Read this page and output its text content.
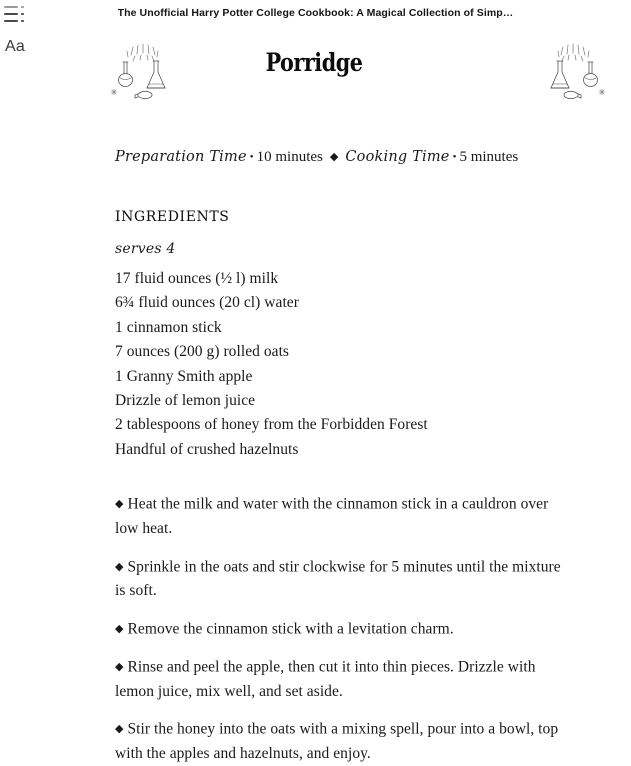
The Unofficial Harry Potter College Cookbook: A Magical Collection of Simp…
Aa
Porridge
Preparation Time • 10 minutes ◆ Cooking Time • 5 minutes
ingredients
serves 4
17 fluid ounces (½ l) milk
6¾ fluid ounces (20 cl) water
1 cinnamon stick
7 ounces (200 g) rolled oats
1 Granny Smith apple
Drizzle of lemon juice
2 tablespoons of honey from the Forbidden Forest
Handful of crushed hazelnuts
◆ Heat the milk and water with the cinnamon stick in a cauldron over low heat.
◆ Sprinkle in the oats and stir clockwise for 5 minutes until the mixture is soft.
◆ Remove the cinnamon stick with a levitation charm.
◆ Rinse and peel the apple, then cut it into thin pieces. Drizzle with lemon juice, mix well, and set aside.
◆ Stir the honey into the oats with a mixing spell, pour into a bowl, top with the apples and hazelnuts, and enjoy.
